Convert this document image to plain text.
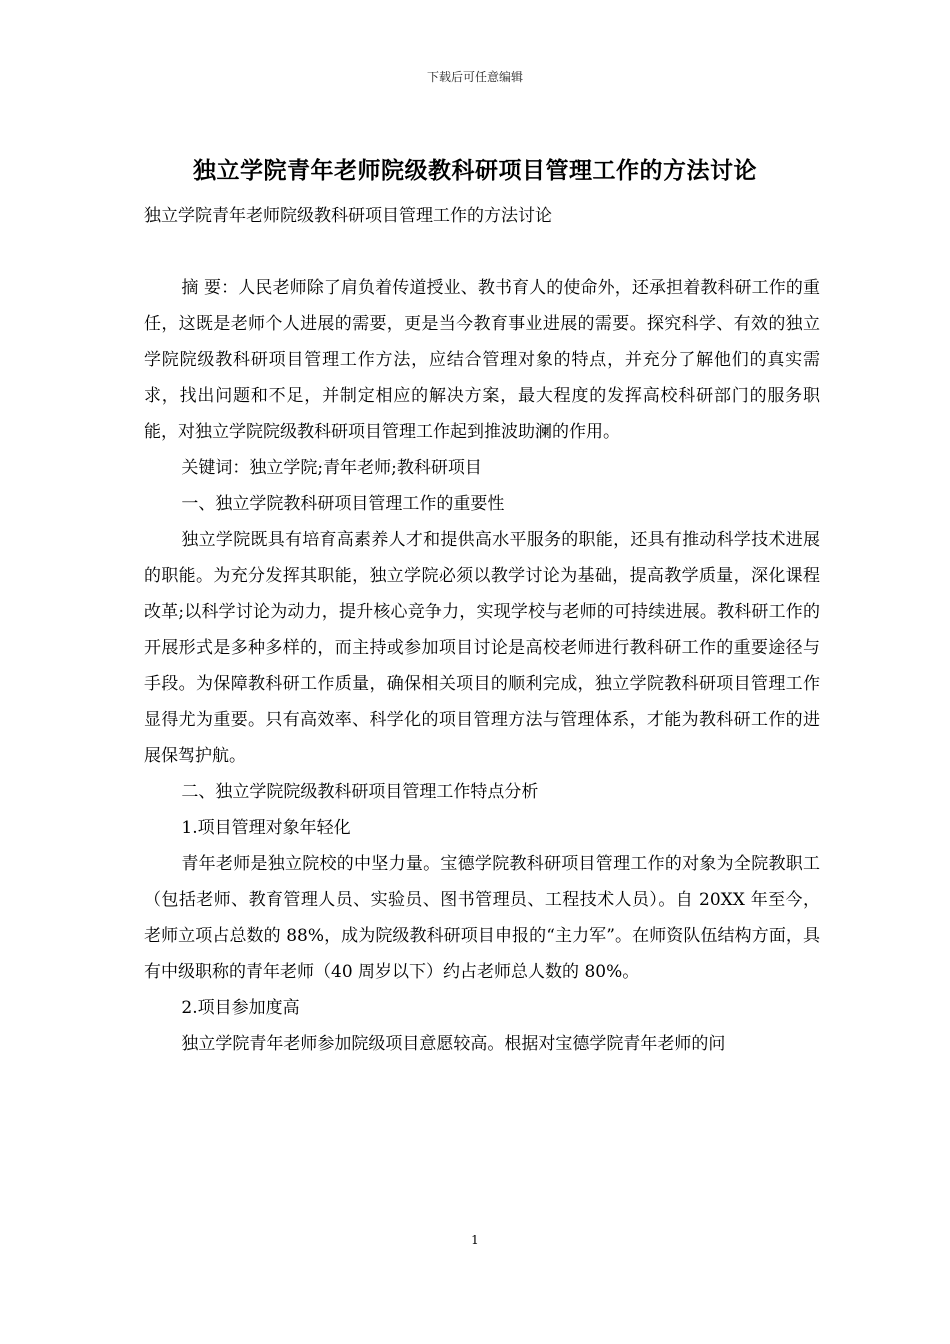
下载后可任意编辑
独立学院青年老师院级教科研项目管理工作的方法讨论

独立学院青年老师院级教科研项目管理工作的方法讨论

摘 要：人民老师除了肩负着传道授业、教书育人的使命外，还承担着教科研工作的重任，这既是老师个人进展的需要，更是当今教育事业进展的需要。探究科学、有效的独立学院院级教科研项目管理工作方法，应结合管理对象的特点，并充分了解他们的真实需求，找出问题和不足，并制定相应的解决方案，最大程度的发挥高校科研部门的服务职能，对独立学院院级教科研项目管理工作起到推波助澜的作用。

关键词：独立学院;青年老师;教科研项目

一、独立学院教科研项目管理工作的重要性

独立学院既具有培育高素养人才和提供高水平服务的职能，还具有推动科学技术进展的职能。为充分发挥其职能，独立学院必须以教学讨论为基础，提高教学质量，深化课程改革;以科学讨论为动力，提升核心竞争力，实现学校与老师的可持续进展。教科研工作的开展形式是多种多样的，而主持或参加项目讨论是高校老师进行教科研工作的重要途径与手段。为保障教科研工作质量，确保相关项目的顺利完成，独立学院教科研项目管理工作显得尤为重要。只有高效率、科学化的项目管理方法与管理体系，才能为教科研工作的进展保驾护航。

二、独立学院院级教科研项目管理工作特点分析

1.项目管理对象年轻化

青年老师是独立院校的中坚力量。宝德学院教科研项目管理工作的对象为全院教职工（包括老师、教育管理人员、实验员、图书管理员、工程技术人员）。自 20XX 年至今，老师立项占总数的 88%，成为院级教科研项目申报的“主力军”。在师资队伍结构方面，具有中级职称的青年老师（40 周岁以下）约占老师总人数的 80%。

2.项目参加度高

独立学院青年老师参加院级项目意愿较高。根据对宝德学院青年老师的问

1
